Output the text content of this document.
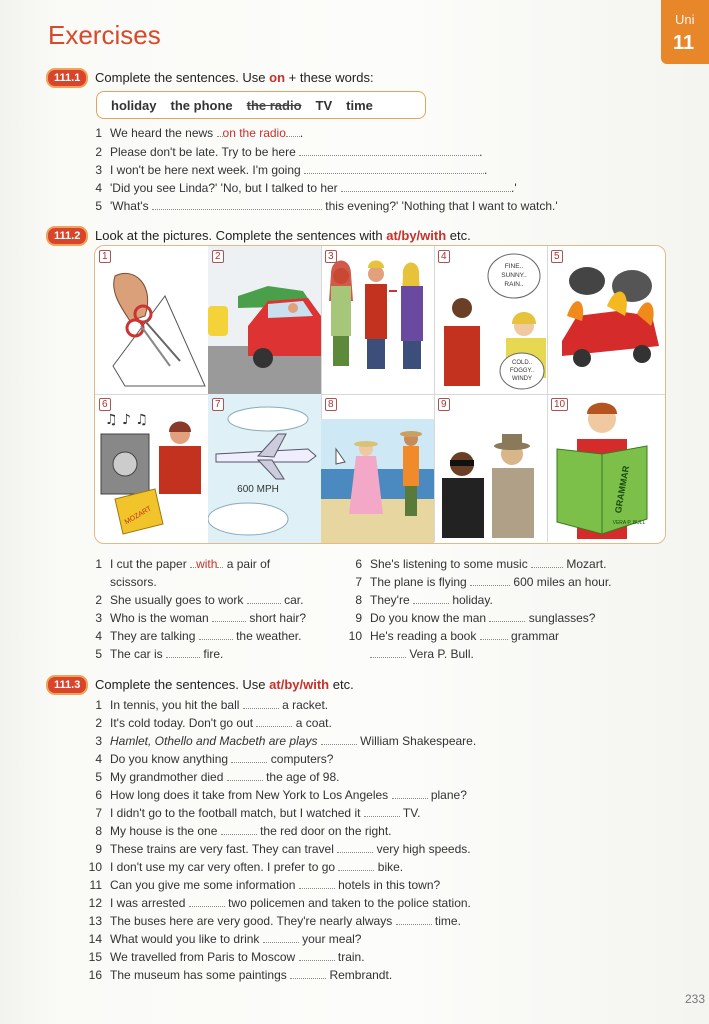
Uni
11
Exercises
111.1	Complete the sentences. Use on + these words:
holiday the phone the radio TV time
1 We heard the news on the radio .
2 Please don't be late. Try to be here	.
3 I won't be here next week. I'm going	.
4 'Did you see Linda?' 'No, but I talked to her	.'
5 'What's	this evening?' 'Nothing that I want to watch.'
111.2	Look at the pictures. Complete the sentences with at/by/with etc.
1	2	3	4
FINE..
SUNNY..
RAIN..
COLD..
FOGGY..
WINDY
5
6
♫ ♪ ♫
MOZART
7
600 MPH
8	9	10
GRAMMAR
VERA P. BULL
1 I cut the paper with a pair of
scissors.
2 She usually goes to work	car.
3 Who is the woman	short hair?
4 They are talking	the weather.
5 The car is	fire.
6 She's listening to some music	Mozart.
7 The plane is flying	600 miles an hour.
8 They're	holiday.
9 Do you know the man	sunglasses?
10 He's reading a book	grammar
Vera P. Bull.
111.3	Complete the sentences. Use at/by/with etc.
1 In tennis, you hit the ball	a racket.
2 It's cold today. Don't go out	a coat.
3 Hamlet, Othello and Macbeth are plays	William Shakespeare.
4 Do you know anything	computers?
5 My grandmother died	the age of 98.
6 How long does it take from New York to Los Angeles	plane?
7 I didn't go to the football match, but I watched it	TV.
8 My house is the one	the red door on the right.
9 These trains are very fast. They can travel	very high speeds.
10 I don't use my car very often. I prefer to go	bike.
11 Can you give me some information	hotels in this town?
12 I was arrested	two policemen and taken to the police station.
13 The buses here are very good. They're nearly always	time.
14 What would you like to drink	your meal?
15 We travelled from Paris to Moscow	train.
16 The museum has some paintings	Rembrandt.
233
